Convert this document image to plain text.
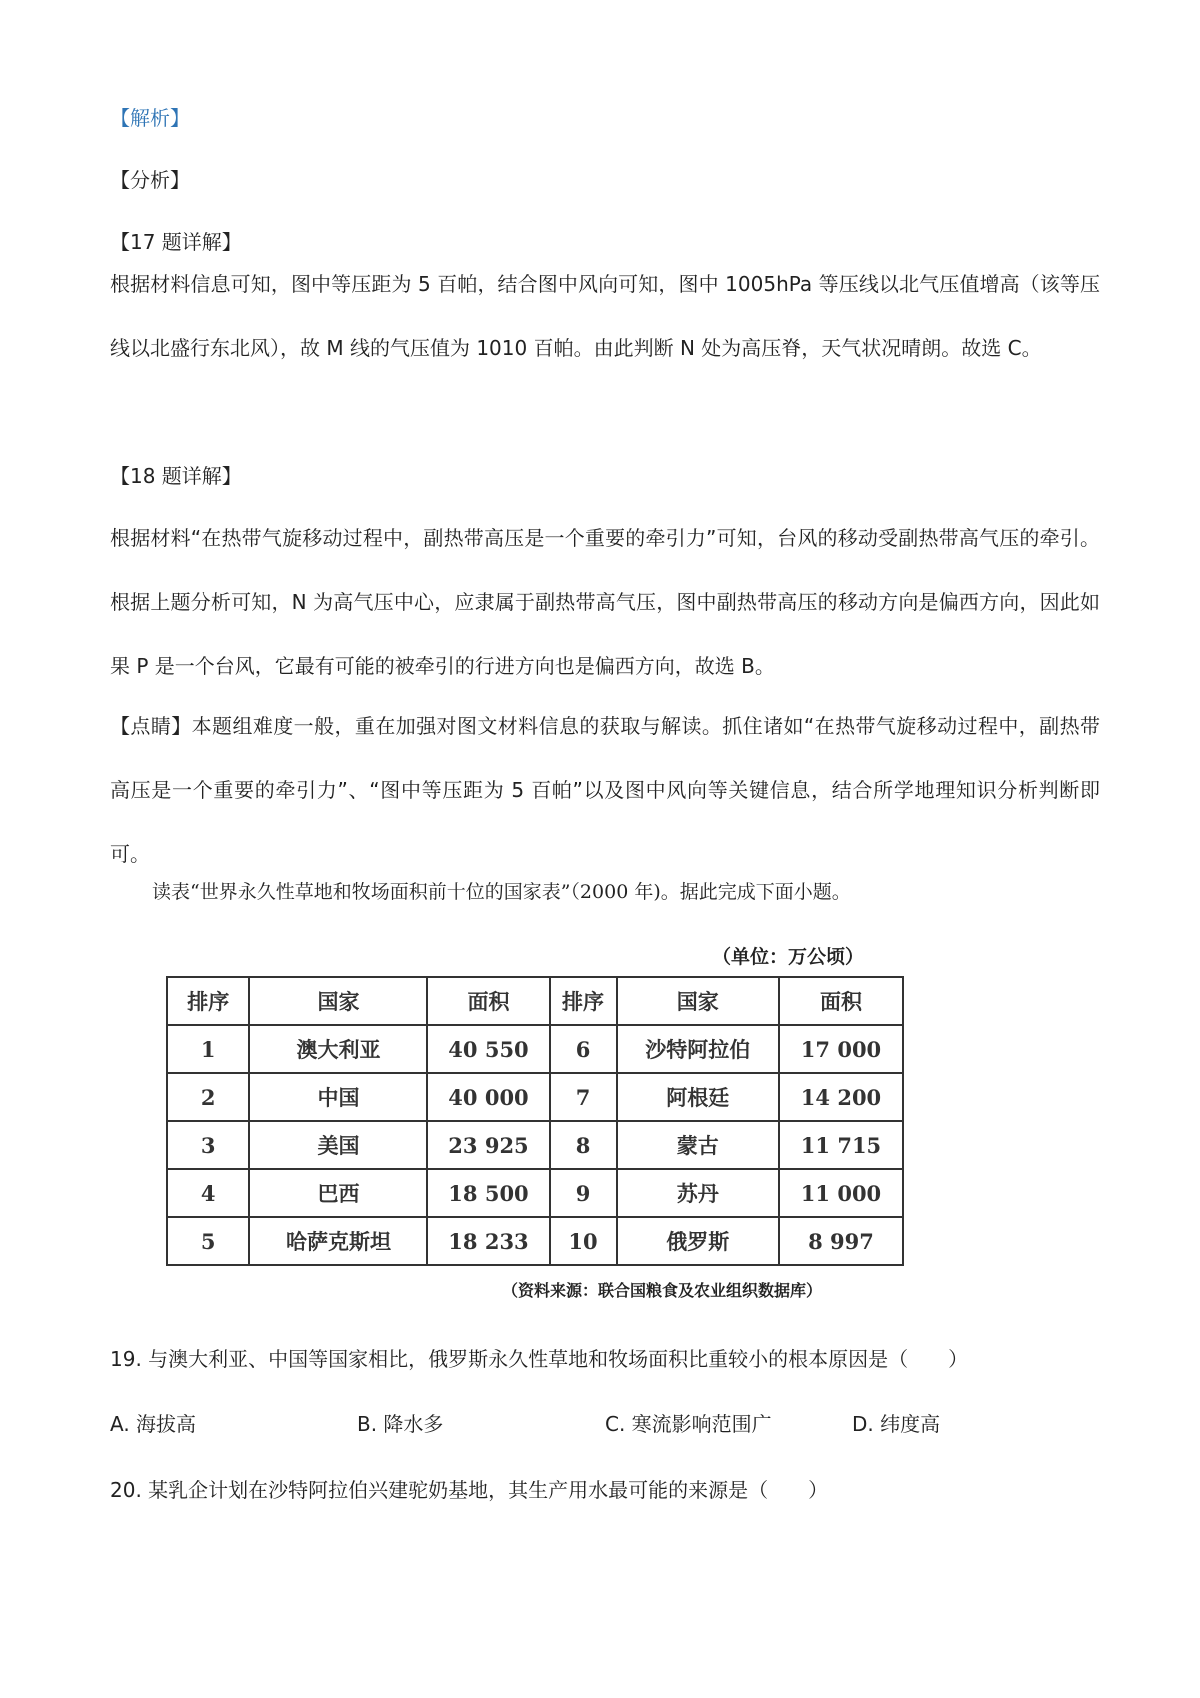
【解析】
【分析】
【17 题详解】
根据材料信息可知，图中等压距为 5 百帕，结合图中风向可知，图中 1005hPa 等压线以北气压值增高（该等压线以北盛行东北风），故 M 线的气压值为 1010 百帕。由此判断 N 处为高压脊，天气状况晴朗。故选 C。
【18 题详解】
根据材料“在热带气旋移动过程中，副热带高压是一个重要的牵引力”可知，台风的移动受副热带高气压的牵引。根据上题分析可知，N 为高气压中心，应隶属于副热带高气压，图中副热带高压的移动方向是偏西方向，因此如果 P 是一个台风，它最有可能的被牵引的行进方向也是偏西方向，故选 B。
【点睛】本题组难度一般，重在加强对图文材料信息的获取与解读。抓住诸如“在热带气旋移动过程中，副热带高压是一个重要的牵引力”、“图中等压距为 5 百帕”以及图中风向等关键信息，结合所学地理知识分析判断即可。
读表“世界永久性草地和牧场面积前十位的国家表”（2000 年)。据此完成下面小题。
（单位：万公顷）
排序	国家	面积	排序	国家	面积
1	澳大利亚	40 550	6	沙特阿拉伯	17 000
2	中国	40 000	7	阿根廷	14 200
3	美国	23 925	8	蒙古	11 715
4	巴西	18 500	9	苏丹	11 000
5	哈萨克斯坦	18 233	10	俄罗斯	8 997
（资料来源：联合国粮食及农业组织数据库）
19. 与澳大利亚、中国等国家相比，俄罗斯永久性草地和牧场面积比重较小的根本原因是（　　）
A. 海拔高	B. 降水多	C. 寒流影响范围广	D. 纬度高
20. 某乳企计划在沙特阿拉伯兴建驼奶基地，其生产用水最可能的来源是（　　）
